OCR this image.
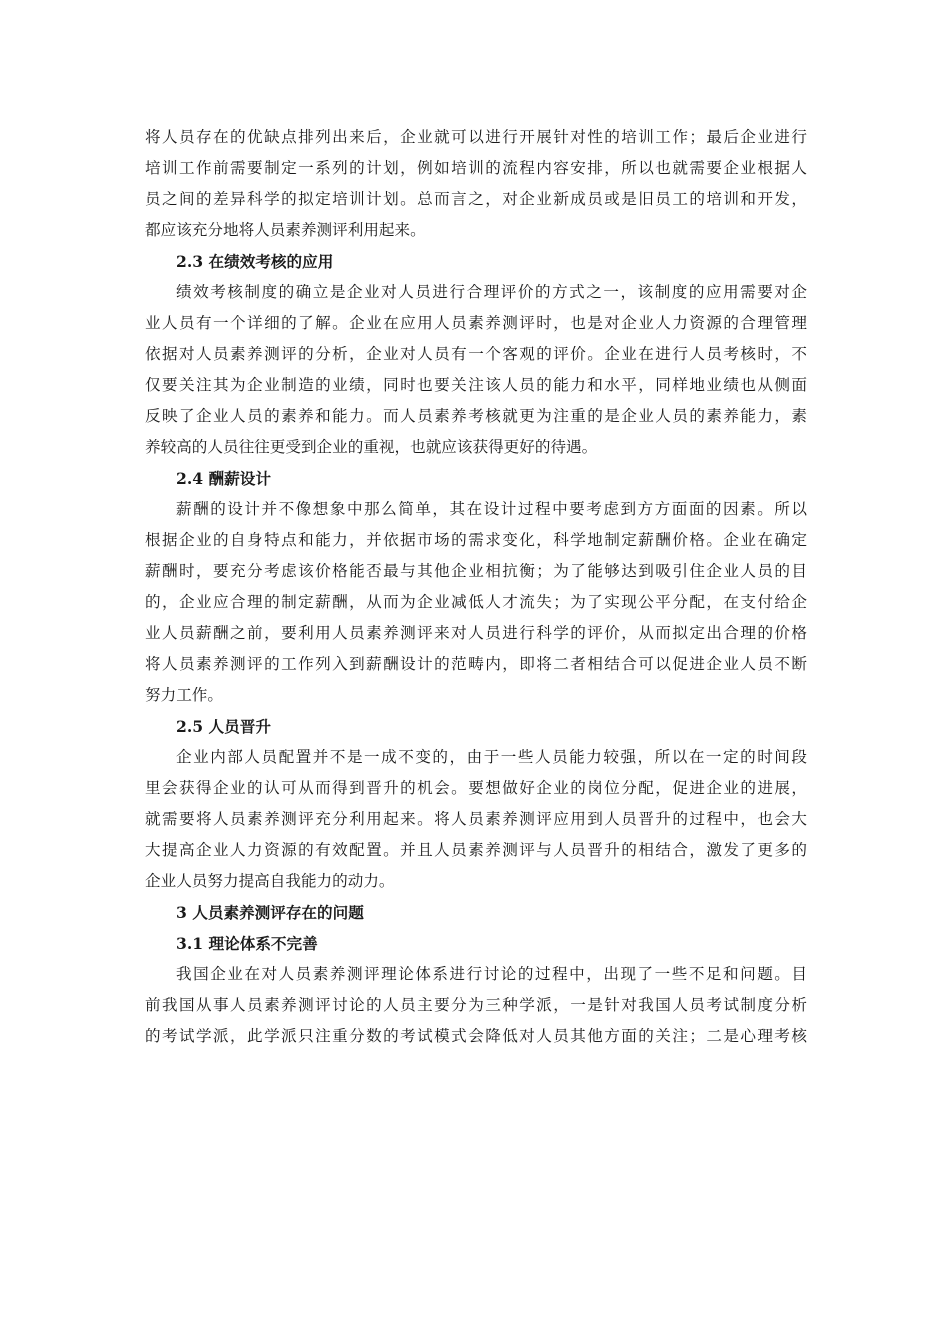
将人员存在的优缺点排列出来后，企业就可以进行开展针对性的培训工作；最后企业进行
培训工作前需要制定一系列的计划，例如培训的流程内容安排，所以也就需要企业根据人
员之间的差异科学的拟定培训计划。总而言之，对企业新成员或是旧员工的培训和开发，
都应该充分地将人员素养测评利用起来。
2.3 在绩效考核的应用
绩效考核制度的确立是企业对人员进行合理评价的方式之一，该制度的应用需要对企
业人员有一个详细的了解。企业在应用人员素养测评时，也是对企业人力资源的合理管理
依据对人员素养测评的分析，企业对人员有一个客观的评价。企业在进行人员考核时，不
仅要关注其为企业制造的业绩，同时也要关注该人员的能力和水平，同样地业绩也从侧面
反映了企业人员的素养和能力。而人员素养考核就更为注重的是企业人员的素养能力，素
养较高的人员往往更受到企业的重视，也就应该获得更好的待遇。
2.4 酬薪设计
薪酬的设计并不像想象中那么简单，其在设计过程中要考虑到方方面面的因素。所以
根据企业的自身特点和能力，并依据市场的需求变化，科学地制定薪酬价格。企业在确定
薪酬时，要充分考虑该价格能否最与其他企业相抗衡；为了能够达到吸引住企业人员的目
的，企业应合理的制定薪酬，从而为企业减低人才流失；为了实现公平分配，在支付给企
业人员薪酬之前，要利用人员素养测评来对人员进行科学的评价，从而拟定出合理的价格
将人员素养测评的工作列入到薪酬设计的范畴内，即将二者相结合可以促进企业人员不断
努力工作。
2.5 人员晋升
企业内部人员配置并不是一成不变的，由于一些人员能力较强，所以在一定的时间段
里会获得企业的认可从而得到晋升的机会。要想做好企业的岗位分配，促进企业的进展，
就需要将人员素养测评充分利用起来。将人员素养测评应用到人员晋升的过程中，也会大
大提高企业人力资源的有效配置。并且人员素养测评与人员晋升的相结合，激发了更多的
企业人员努力提高自我能力的动力。
3 人员素养测评存在的问题
3.1 理论体系不完善
我国企业在对人员素养测评理论体系进行讨论的过程中，出现了一些不足和问题。目
前我国从事人员素养测评讨论的人员主要分为三种学派，一是针对我国人员考试制度分析
的考试学派，此学派只注重分数的考试模式会降低对人员其他方面的关注；二是心理考核
